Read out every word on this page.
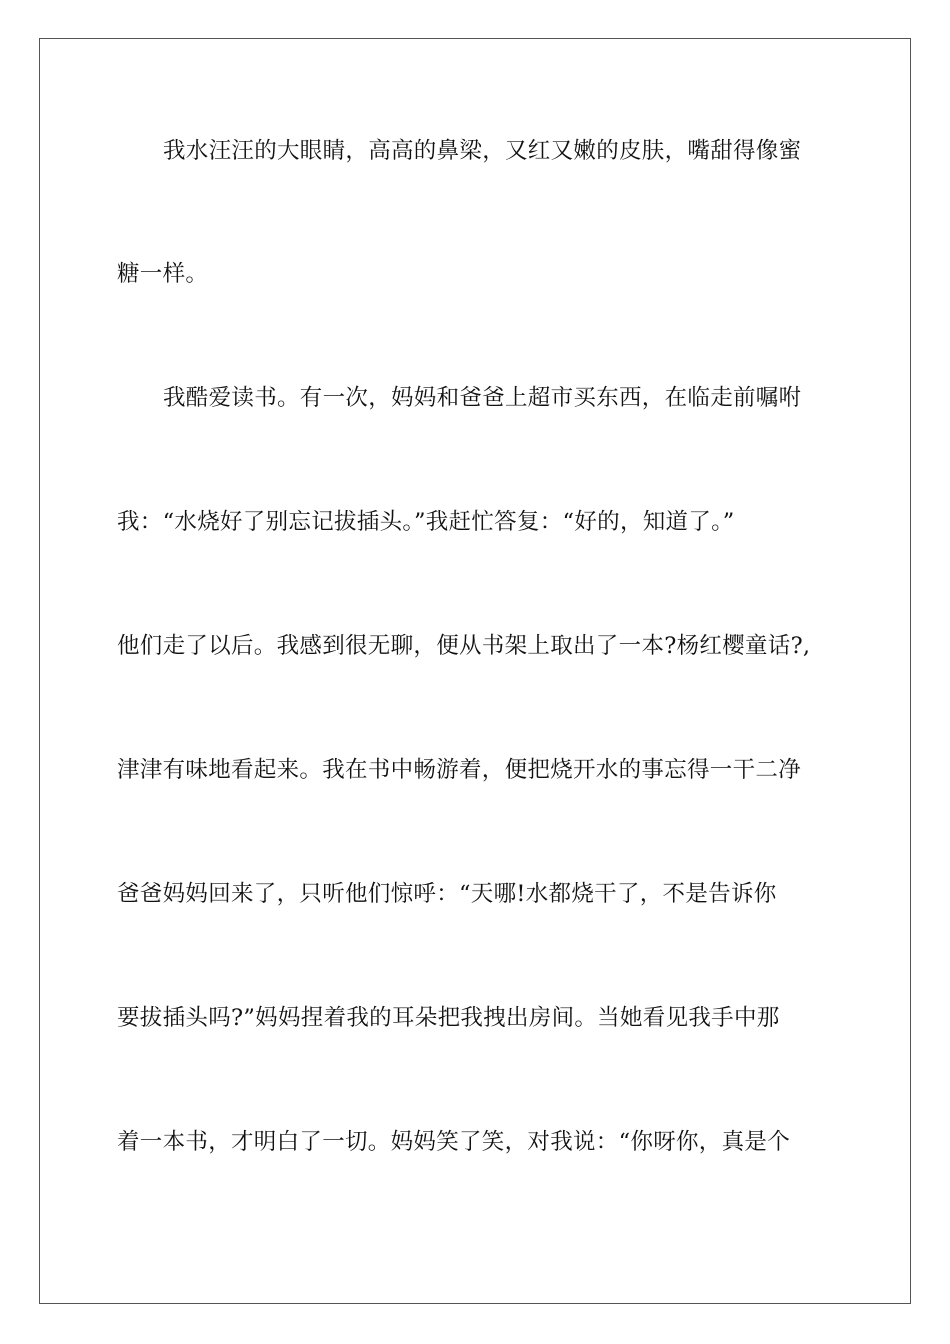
我水汪汪的大眼睛，高高的鼻梁，又红又嫩的皮肤，嘴甜得像蜜
糖一样。
我酷爱读书。有一次，妈妈和爸爸上超市买东西，在临走前嘱咐
我：“水烧好了别忘记拔插头。”我赶忙答复：“好的，知道了。”
他们走了以后。我感到很无聊，便从书架上取出了一本?杨红樱童话?,
津津有味地看起来。我在书中畅游着，便把烧开水的事忘得一干二净
爸爸妈妈回来了，只听他们惊呼：“天哪!水都烧干了，不是告诉你
要拔插头吗?”妈妈捏着我的耳朵把我拽出房间。当她看见我手中那
着一本书，才明白了一切。妈妈笑了笑，对我说：“你呀你，真是个
